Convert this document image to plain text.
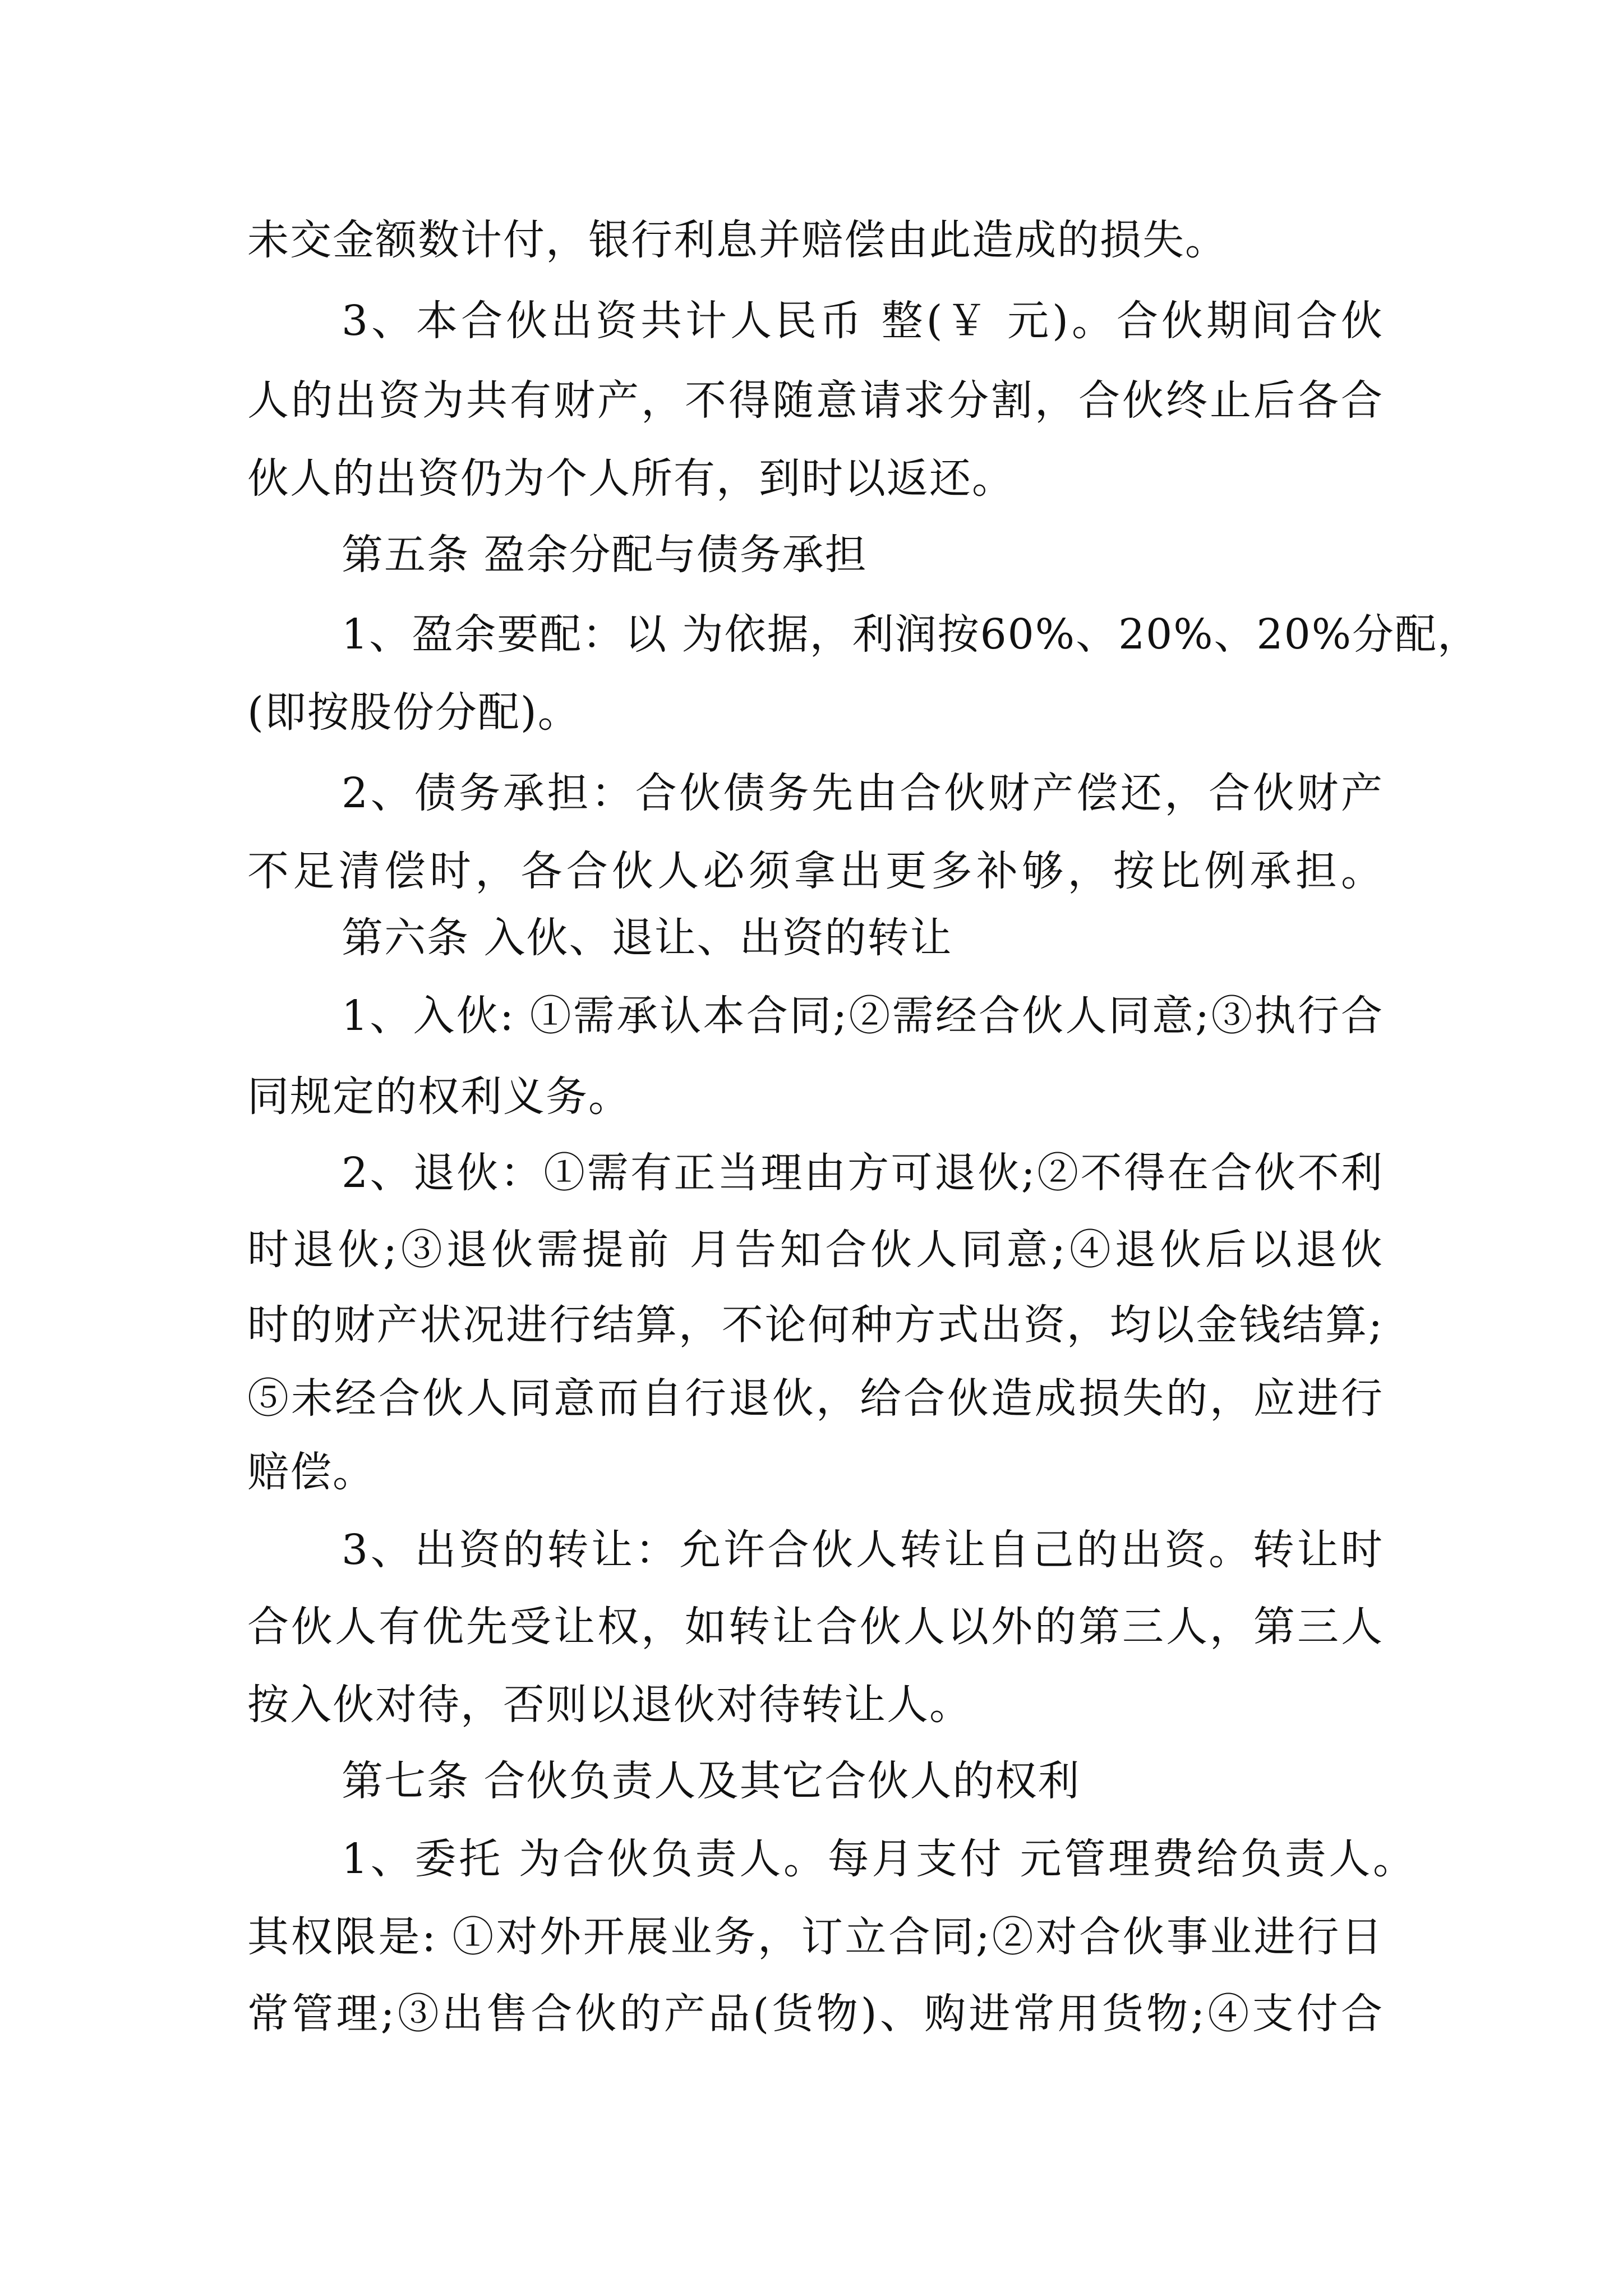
未交金额数计付，银行利息并赔偿由此造成的损失。
3、本合伙出资共计人民币 整(￥ 元)。合伙期间合伙
人的出资为共有财产，不得随意请求分割，合伙终止后各合
伙人的出资仍为个人所有，到时以返还。
第五条 盈余分配与债务承担
1、盈余要配：以 为依据，利润按60%、20%、20%分配，
(即按股份分配)。
2、债务承担：合伙债务先由合伙财产偿还，合伙财产
不足清偿时，各合伙人必须拿出更多补够，按比例承担。
第六条 入伙、退让、出资的转让
1、入伙: ①需承认本合同;②需经合伙人同意;③执行合
同规定的权利义务。
2、退伙：①需有正当理由方可退伙;②不得在合伙不利
时退伙;③退伙需提前 月告知合伙人同意;④退伙后以退伙
时的财产状况进行结算，不论何种方式出资，均以金钱结算;
⑤未经合伙人同意而自行退伙，给合伙造成损失的，应进行
赔偿。
3、出资的转让：允许合伙人转让自己的出资。转让时
合伙人有优先受让权，如转让合伙人以外的第三人，第三人
按入伙对待，否则以退伙对待转让人。
第七条 合伙负责人及其它合伙人的权利
1、委托 为合伙负责人。每月支付 元管理费给负责人。
其权限是: ①对外开展业务，订立合同;②对合伙事业进行日
常管理;③出售合伙的产品(货物)、购进常用货物;④支付合
